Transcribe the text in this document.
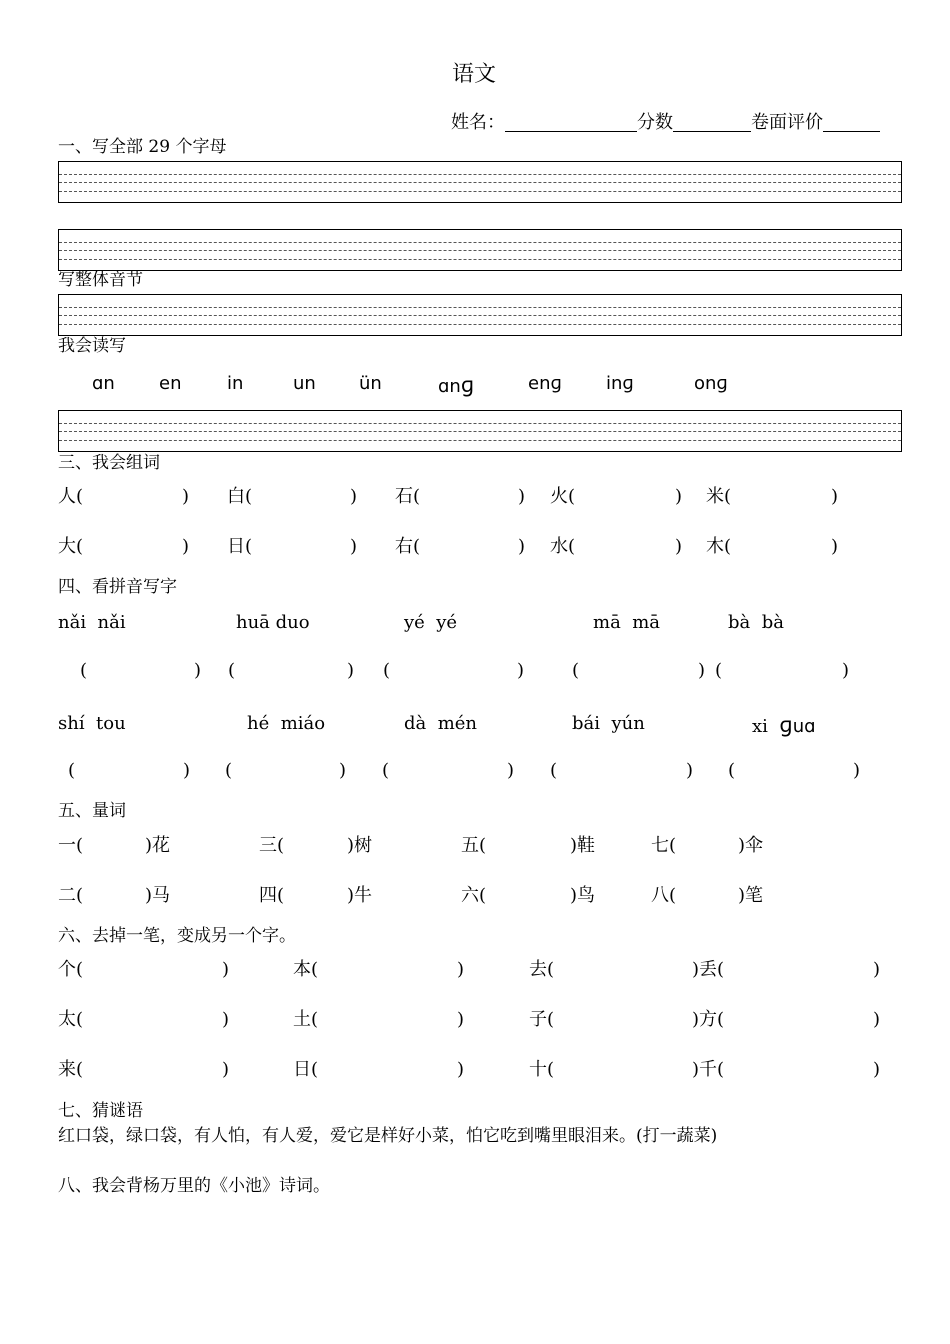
语文
姓名：	分数	卷面评价
一、写全部 29 个字母
写整体音节
我会读写
ɑn en	in	un ün	ɑnɡ	enɡ inɡ	onɡ
三、我会组词
人(	) 白(	) 石(	) 火(	) 米(	)
大(	) 日(	) 右(	) 水(	) 木(	)
四、看拼音写字
nǎi  nǎi	huā duo	yé  yé	mā  mā	bà  bà
(	) (	) (	)	(	) (	)
shí  tou	hé  miáo	dà  mén	bái  yún	xi ɡuɑ
(	) (	) (	) (	) (	)
五、量词
一(	)花	三(	)树	五(	)鞋	七(	)伞
二(	)马	四(	)牛	六(	)鸟	八(	)笔
六、去掉一笔，变成另一个字。
个(	)	本(	)	去(	)丢(	)
太(	)	土(	)	子(	)方(	)
来(	)	日(	)	十(	)千(	)
七、猜谜语
红口袋，绿口袋，有人怕，有人爱，爱它是样好小菜，怕它吃到嘴里眼泪来。(打一蔬菜)
八、我会背杨万里的《小池》诗词。
